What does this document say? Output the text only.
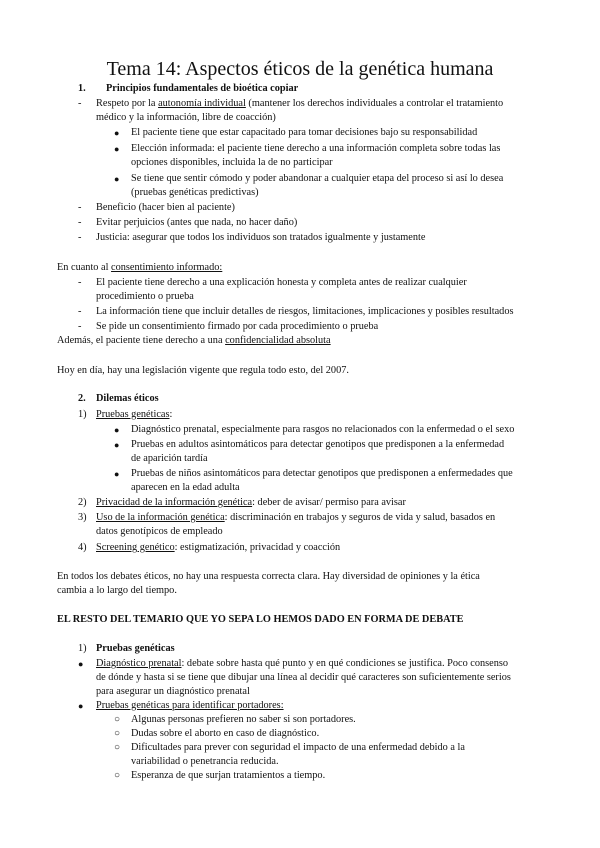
Tema 14: Aspectos éticos de la genética humana
1. Principios fundamentales de bioética copiar
- Respeto por la autonomía individual (mantener los derechos individuales a controlar el tratamiento
médico y la información, libre de coacción)
● El paciente tiene que estar capacitado para tomar decisiones bajo su responsabilidad
● Elección informada: el paciente tiene derecho a una información completa sobre todas las
opciones disponibles, incluida la de no participar
● Se tiene que sentir cómodo y poder abandonar a cualquier etapa del proceso si así lo desea
(pruebas genéticas predictivas)
- Beneficio (hacer bien al paciente)
- Evitar perjuicios (antes que nada, no hacer daño)
- Justicia: asegurar que todos los individuos son tratados igualmente y justamente
En cuanto al consentimiento informado:
- El paciente tiene derecho a una explicación honesta y completa antes de realizar cualquier
procedimiento o prueba
- La información tiene que incluir detalles de riesgos, limitaciones, implicaciones y posibles resultados
- Se pide un consentimiento firmado por cada procedimiento o prueba
Además, el paciente tiene derecho a una confidencialidad absoluta
Hoy en día, hay una legislación vigente que regula todo esto, del 2007.
2. Dilemas éticos
1) Pruebas genéticas:
● Diagnóstico prenatal, especialmente para rasgos no relacionados con la enfermedad o el sexo
● Pruebas en adultos asintomáticos para detectar genotipos que predisponen a la enfermedad
de aparición tardía
● Pruebas de niños asintomáticos para detectar genotipos que predisponen a enfermedades que
aparecen en la edad adulta
2) Privacidad de la información genética: deber de avisar/ permiso para avisar
3) Uso de la información genética: discriminación en trabajos y seguros de vida y salud, basados en
datos genotípicos de empleado
4) Screening genético: estigmatización, privacidad y coacción
En todos los debates éticos, no hay una respuesta correcta clara. Hay diversidad de opiniones y la ética
cambia a lo largo del tiempo.
EL RESTO DEL TEMARIO QUE YO SEPA LO HEMOS DADO EN FORMA DE DEBATE
1) Pruebas genéticas
● Diagnóstico prenatal: debate sobre hasta qué punto y en qué condiciones se justifica. Poco consenso
de dónde y hasta si se tiene que dibujar una línea al decidir qué caracteres son suficientemente serios
para asegurar un diagnóstico prenatal
● Pruebas genéticas para identificar portadores:
○ Algunas personas prefieren no saber si son portadores.
○ Dudas sobre el aborto en caso de diagnóstico.
○ Dificultades para prever con seguridad el impacto de una enfermedad debido a la
variabilidad o penetrancia reducida.
○ Esperanza de que surjan tratamientos a tiempo.
